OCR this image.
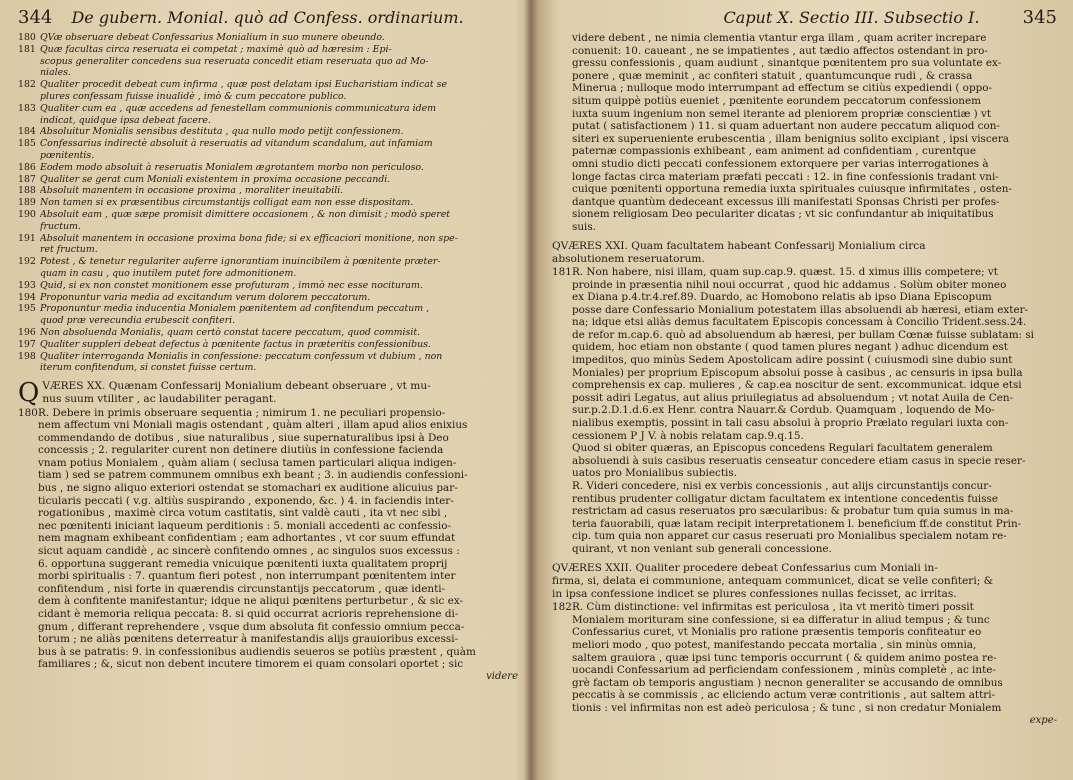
344 De gubern. Monial. quò ad Confess. ordinarium.
180 QVæ obseruare debeat Confessarius Monialium in suo munere obeundo.
181 Quæ facultas circa reseruata ei competat ; maximè quò ad hæresim : Epi-
scopus generaliter concedens sua reseruata concedit etiam reseruata quo ad Mo-
niales.
182 Qualiter procedit debeat cum infirma , quæ post delatam ipsi Eucharistiam indicat se
plures confessam fuisse inualidè , imò & cum peccatore publico.
183 Qualiter cum ea , quæ accedens ad fenestellam communionis communicatura idem
indicat, quidque ipsa debeat facere.
184 Absoluitur Monialis sensibus destituta , qua nullo modo petijt confessionem.
185 Confessarius indirectè absoluit à reseruatis ad vitandum scandalum, aut infamiam
pœnitentis.
186 Eodem modo absoluit à reseruatis Monialem ægrotantem morbo non periculoso.
187 Qualiter se gerat cum Moniali existentem in proxima occasione peccandi.
188 Absoluit manentem in occasione proxima , moraliter ineuitabili.
189 Non tamen si ex præsentibus circumstantijs colligat eam non esse dispositam.
190 Absoluit eam , quæ sæpe promisit dimittere occasionem , & non dimisit ; modò speret
fructum.
191 Absoluit manentem in occasione proxima bona fide; si ex efficaciori monitione, non spe-
ret fructum.
192 Potest , & tenetur regulariter auferre ignorantiam inuincibilem à pœnitente præter-
quam in casu , quo inutilem putet fore admonitionem.
193 Quid, si ex non constet monitionem esse profuturam , immò nec esse nocituram.
194 Proponuntur varia media ad excitandum verum dolorem peccatorum.
195 Proponuntur media inducentia Monialem pœnitentem ad confitendum peccatum ,
quod præ verecundia erubescit confiteri.
196 Non absoluenda Monialis, quam certò constat tacere peccatum, quod commisit.
197 Qualiter suppleri debeat defectus à pœnitente factus in præteritis confessionibus.
198 Qualiter interroganda Monialis in confessione: peccatum confessum vt dubium , non
iterum confitendum, si constet fuisse certum.
Q VÆRES XX. Quænam Confessarij Monialium debeant obseruare , vt mu-
nus suum vtiliter , ac laudabiliter peragant.
180R. Debere in primis obseruare sequentia ; nimirum 1. ne peculiari propensio-
nem affectum vni Moniali magis ostendant , quàm alteri , illam apud alios enixius
commendando de dotibus , siue naturalibus , siue supernaturalibus ipsi à Deo
concessis ; 2. regulariter curent non detinere diutiùs in confessione facienda
vnam potius Monialem , quàm aliam ( seclusa tamen particulari aliqua indigen-
tiam ) sed se patrem communem omnibus exh beant ; 3. in audiendis confessioni-
bus , ne signo aliquo exteriori ostendat se stomachari ex auditione alicuius par-
ticularis peccati ( v.g. altiùs suspirando , exponendo, &c. ) 4. in faciendis inter-
rogationibus , maximè circa votum castitatis, sint valdè cauti , ita vt nec sibi ,
nec pœnitenti iniciant laqueum perditionis : 5. moniali accedenti ac confessio-
nem magnam exhibeant confidentiam ; eam adhortantes , vt cor suum effundat
sicut aquam candidè , ac sincerè confitendo omnes , ac singulos suos excessus :
6. opportuna suggerant remedia vnicuique pœnitenti iuxta qualitatem proprij
morbi spiritualis : 7. quantum fieri potest , non interrumpant pœnitentem inter
confitendum , nisi forte in quærendis circunstantijs peccatorum , quæ identi-
dem à confitente manifestantur; idque ne aliqui pœnitens perturbetur , & sic ex-
cidant è memoria reliqua peccata: 8. si quid occurrat acrioris reprehensione di-
gnum , differant reprehendere , vsque dum absoluta fit confessio omnium pecca-
torum ; ne aliàs pœnitens deterreatur à manifestandis alijs grauioribus excessi-
bus à se patratis: 9. in confessionibus audiendis seueros se potiùs præstent , quàm
familiares ; &, sicut non debent incutere timorem ei quam consolari oportet ; sic
videre
Caput X. Sectio III. Subsectio I. 345
videre debent , ne nimia clementia vtantur erga illam , quam acriter increpare
conuenit: 10. caueant , ne se impatientes , aut tædio affectos ostendant in pro-
gressu confessionis , quam audiunt , sinantque pœnitentem pro sua voluntate ex-
ponere , quæ meminit , ac confiteri statuit , quantumcunque rudi , & crassa
Minerua ; nulloque modo interrumpant ad effectum se citiùs expediendi ( oppo-
situm quippè potiùs eueniet , pœnitente eorundem peccatorum confessionem
iuxta suum ingenium non semel iterante ad pleniorem propriæ conscientiæ ) vt
putat ( satisfactionem ) 11. si quam aduertant non audere peccatum aliquod con-
siteri ex superueniente erubescentia , illam benignius solito excipiant , ipsi viscera
paternæ compassionis exhibeant , eam animent ad confidentiam , curentque
omni studio dicti peccati confessionem extorquere per varias interrogationes à
longe factas circa materiam præfati peccati : 12. in fine confessionis tradant vni-
cuique pœnitenti opportuna remedia iuxta spirituales cuiusque infirmitates , osten-
dantque quantùm dedeceant excessus illi manifestati Sponsas Christi per profes-
sionem religiosam Deo peculariter dicatas ; vt sic confundantur ab iniquitatibus
suis.
QVÆRES XXI. Quam facultatem habeant Confessarij Monialium circa
absolutionem reseruatorum.
181R. Non habere, nisi illam, quam sup.cap.9. quæst. 15. d ximus illis competere; vt
proinde in præsentia nihil noui occurrat , quod hic addamus . Solùm obiter moneo
ex Diana p.4.tr.4.ref.89. Duardo, ac Homobono relatis ab ipso Diana Episcopum
posse dare Confessario Monialium potestatem illas absoluendi ab hæresi, etiam exter-
na; idque etsi aliàs demus facultatem Episcopis concessam à Concilio Trident.sess.24.
de refor m.cap.6. quò ad absoluendum ab hæresi, per bullam Cœnæ fuisse sublatam: si
quidem, hoc etiam non obstante ( quod tamen plures negant ) adhuc dicendum est
impeditos, quo minùs Sedem Apostolicam adire possint ( cuiusmodi sine dubio sunt
Moniales) per proprium Episcopum absolui posse à casibus , ac censuris in ipsa bulla
comprehensis ex cap. mulieres , & cap.ea noscitur de sent. excommunicat. idque etsi
possit adiri Legatus, aut alius priuilegiatus ad absoluendum ; vt notat Auila de Cen-
sur.p.2.D.1.d.6.ex Henr. contra Nauarr.& Cordub. Quamquam , loquendo de Mo-
nialibus exemptis, possint in tali casu absolui à proprio Prælato regulari iuxta con-
cessionem P J V. à nobis relatam cap.9.q.15.
Quod si obiter quæras, an Episcopus concedens Regulari facultatem generalem
absoluendi à suis casibus reseruatis censeatur concedere etiam casus in specie reser-
uatos pro Monialibus subiectis.
R. Videri concedere, nisi ex verbis concessionis , aut alijs circunstantijs concur-
rentibus prudenter colligatur dictam facultatem ex intentione concedentis fuisse
restrictam ad casus reseruatos pro sæcularibus: & probatur tum quia sumus in ma-
teria fauorabili, quæ latam recipit interpretationem l. beneficium ff.de constitut Prin-
cip. tum quia non apparet cur casus reseruati pro Monialibus specialem notam re-
quirant, vt non veniant sub generali concessione.
QVÆRES XXII. Qualiter procedere debeat Confessarius cum Moniali in-
firma, si, delata ei communione, antequam communicet, dicat se velle confiteri; &
in ipsa confessione indicet se plures confessiones nullas fecisset, ac irritas.
182R. Cùm distinctione: vel infirmitas est periculosa , ita vt meritò timeri possit
Monialem morituram sine confessione, si ea differatur in aliud tempus ; & tunc
Confessarius curet, vt Monialis pro ratione præsentis temporis confiteatur eo
meliori modo , quo potest, manifestando peccata mortalia , sin minùs omnia,
saltem grauiora , quæ ipsi tunc temporis occurrunt ( & quidem animo postea re-
uocandi Confessarium ad perficiendam confessionem , minùs completè , ac inte-
grè factam ob temporis angustiam ) necnon generaliter se accusando de omnibus
peccatis à se commissis , ac eliciendo actum veræ contritionis , aut saltem attri-
tionis : vel infirmitas non est adeò periculosa ; & tunc , si non credatur Monialem
expe-
